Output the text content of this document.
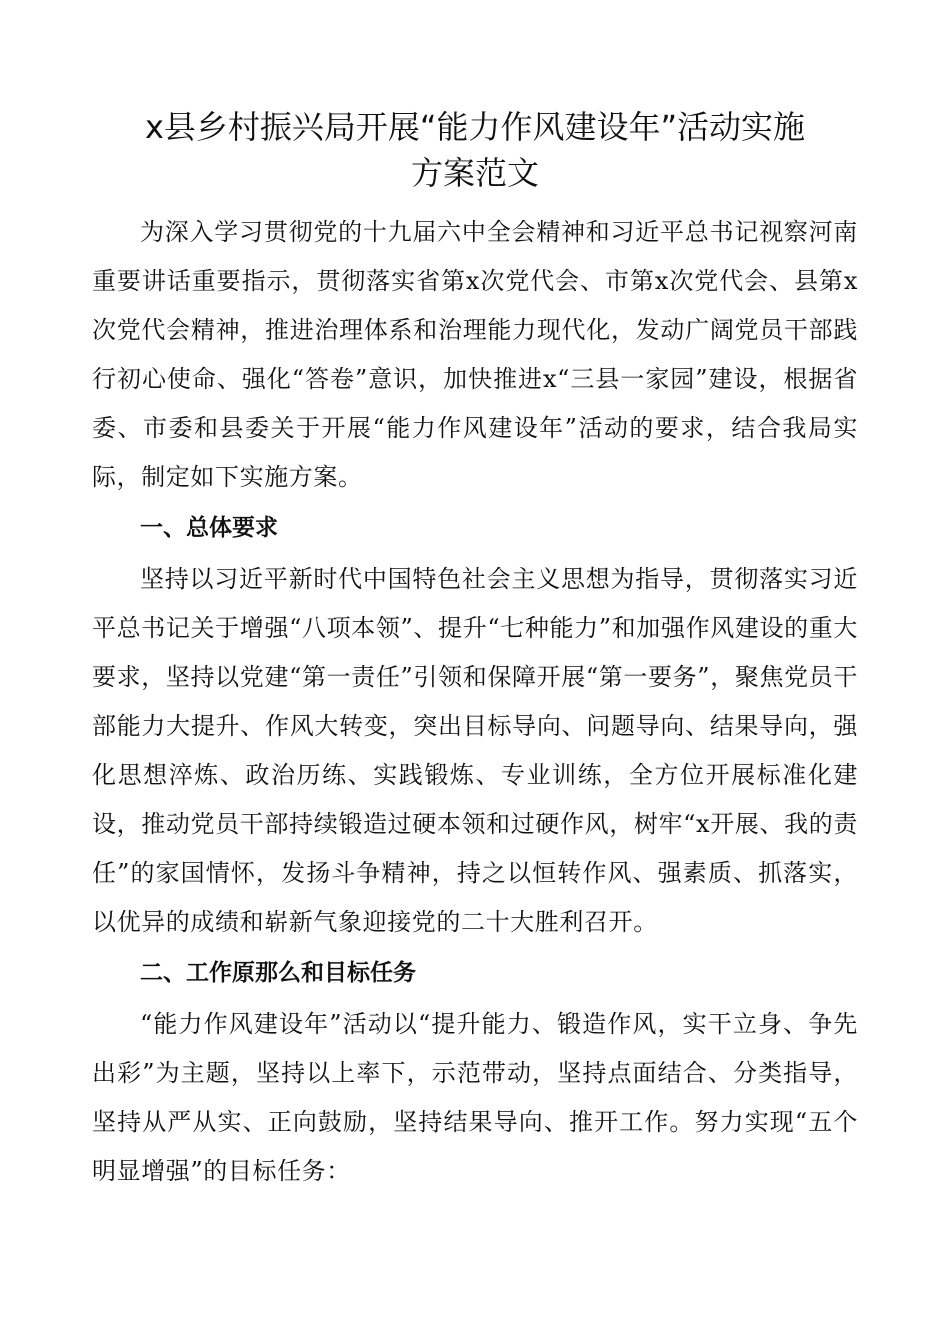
x县乡村振兴局开展“能力作风建设年”活动实施
方案范文

为深入学习贯彻党的十九届六中全会精神和习近平总书记视察河南重要讲话重要指示，贯彻落实省第x次党代会、市第x次党代会、县第x次党代会精神，推进治理体系和治理能力现代化，发动广阔党员干部践行初心使命、强化“答卷”意识，加快推进x“三县一家园”建设，根据省委、市委和县委关于开展“能力作风建设年”活动的要求，结合我局实际，制定如下实施方案。

一、总体要求

坚持以习近平新时代中国特色社会主义思想为指导，贯彻落实习近平总书记关于增强“八项本领”、提升“七种能力”和加强作风建设的重大要求，坚持以党建“第一责任”引领和保障开展“第一要务”，聚焦党员干部能力大提升、作风大转变，突出目标导向、问题导向、结果导向，强化思想淬炼、政治历练、实践锻炼、专业训练，全方位开展标准化建设，推动党员干部持续锻造过硬本领和过硬作风，树牢“x开展、我的责任”的家国情怀，发扬斗争精神，持之以恒转作风、强素质、抓落实，以优异的成绩和崭新气象迎接党的二十大胜利召开。

二、工作原那么和目标任务

“能力作风建设年”活动以“提升能力、锻造作风，实干立身、争先出彩”为主题，坚持以上率下，示范带动，坚持点面结合、分类指导，坚持从严从实、正向鼓励，坚持结果导向、推开工作。努力实现“五个明显增强”的目标任务：
